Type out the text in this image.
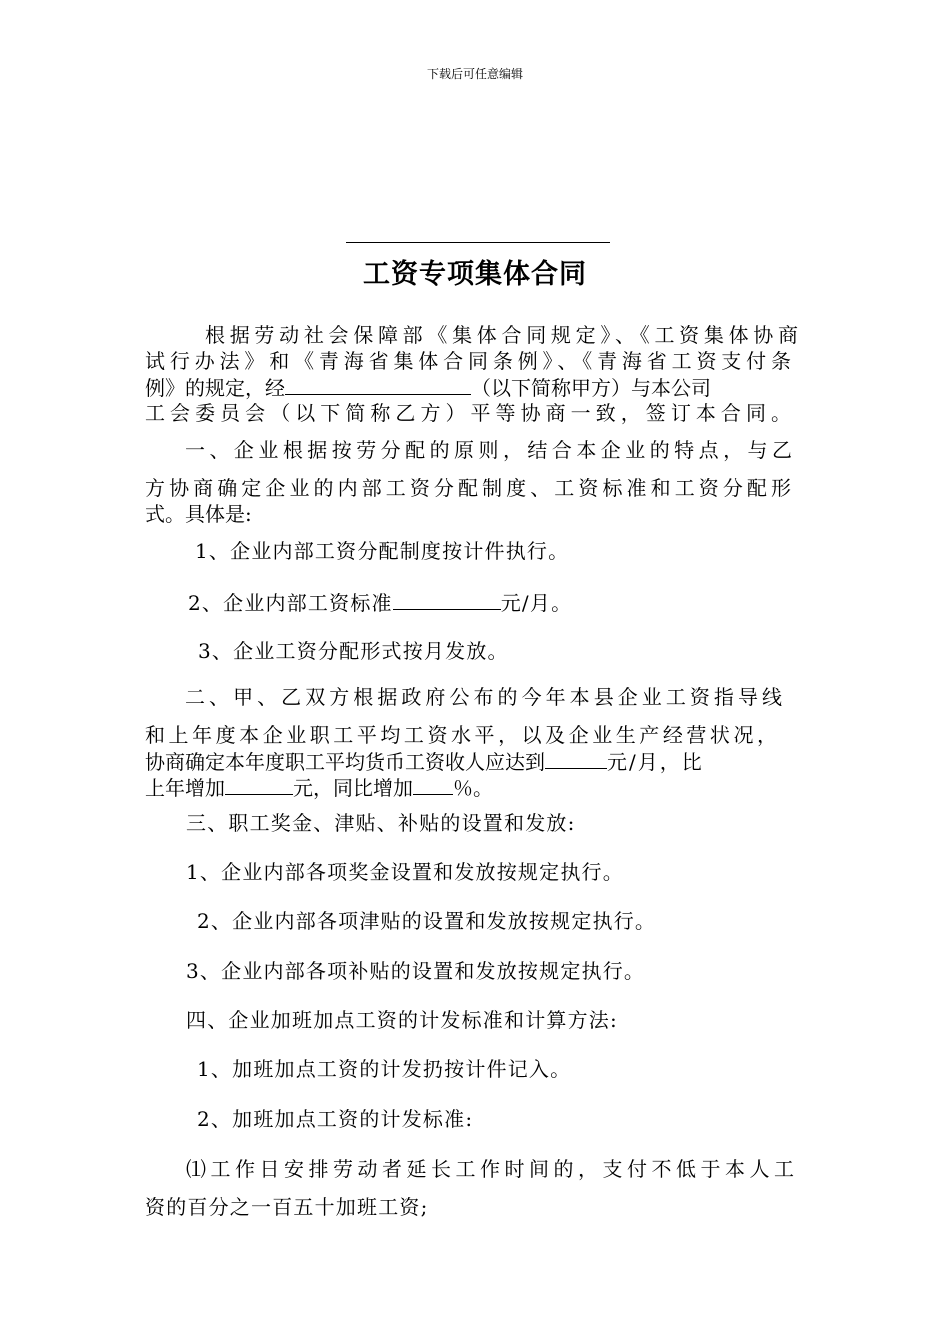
下载后可任意编辑
工资专项集体合同
根据劳动社会保障部《集体合同规定》、《工资集体协商
试行办法》和《青海省集体合同条例》、《青海省工资支付条
例》的规定，经	（以下简称甲方）与本公司
工会委员会（以下简称乙方）平等协商一致，签订本合同。
一、企业根据按劳分配的原则，结合本企业的特点，与乙
方协商确定企业的内部工资分配制度、工资标准和工资分配形
式。具体是:
1、企业内部工资分配制度按计件执行。
2、企业内部工资标准	元/月。
3、企业工资分配形式按月发放。
二、甲、乙双方根据政府公布的今年本县企业工资指导线
和上年度本企业职工平均工资水平，以及企业生产经营状况，
协商确定本年度职工平均货币工资收人应达到	元/月，比
上年增加	元，同比增加 ％。
三、职工奖金、津贴、补贴的设置和发放:
1、企业内部各项奖金设置和发放按规定执行。
2、企业内部各项津贴的设置和发放按规定执行。
3、企业内部各项补贴的设置和发放按规定执行。
四、企业加班加点工资的计发标准和计算方法:
1、加班加点工资的计发扔按计件记入。
2、加班加点工资的计发标准:
⑴工作日安排劳动者延长工作时间的，支付不低于本人工
资的百分之一百五十加班工资;
